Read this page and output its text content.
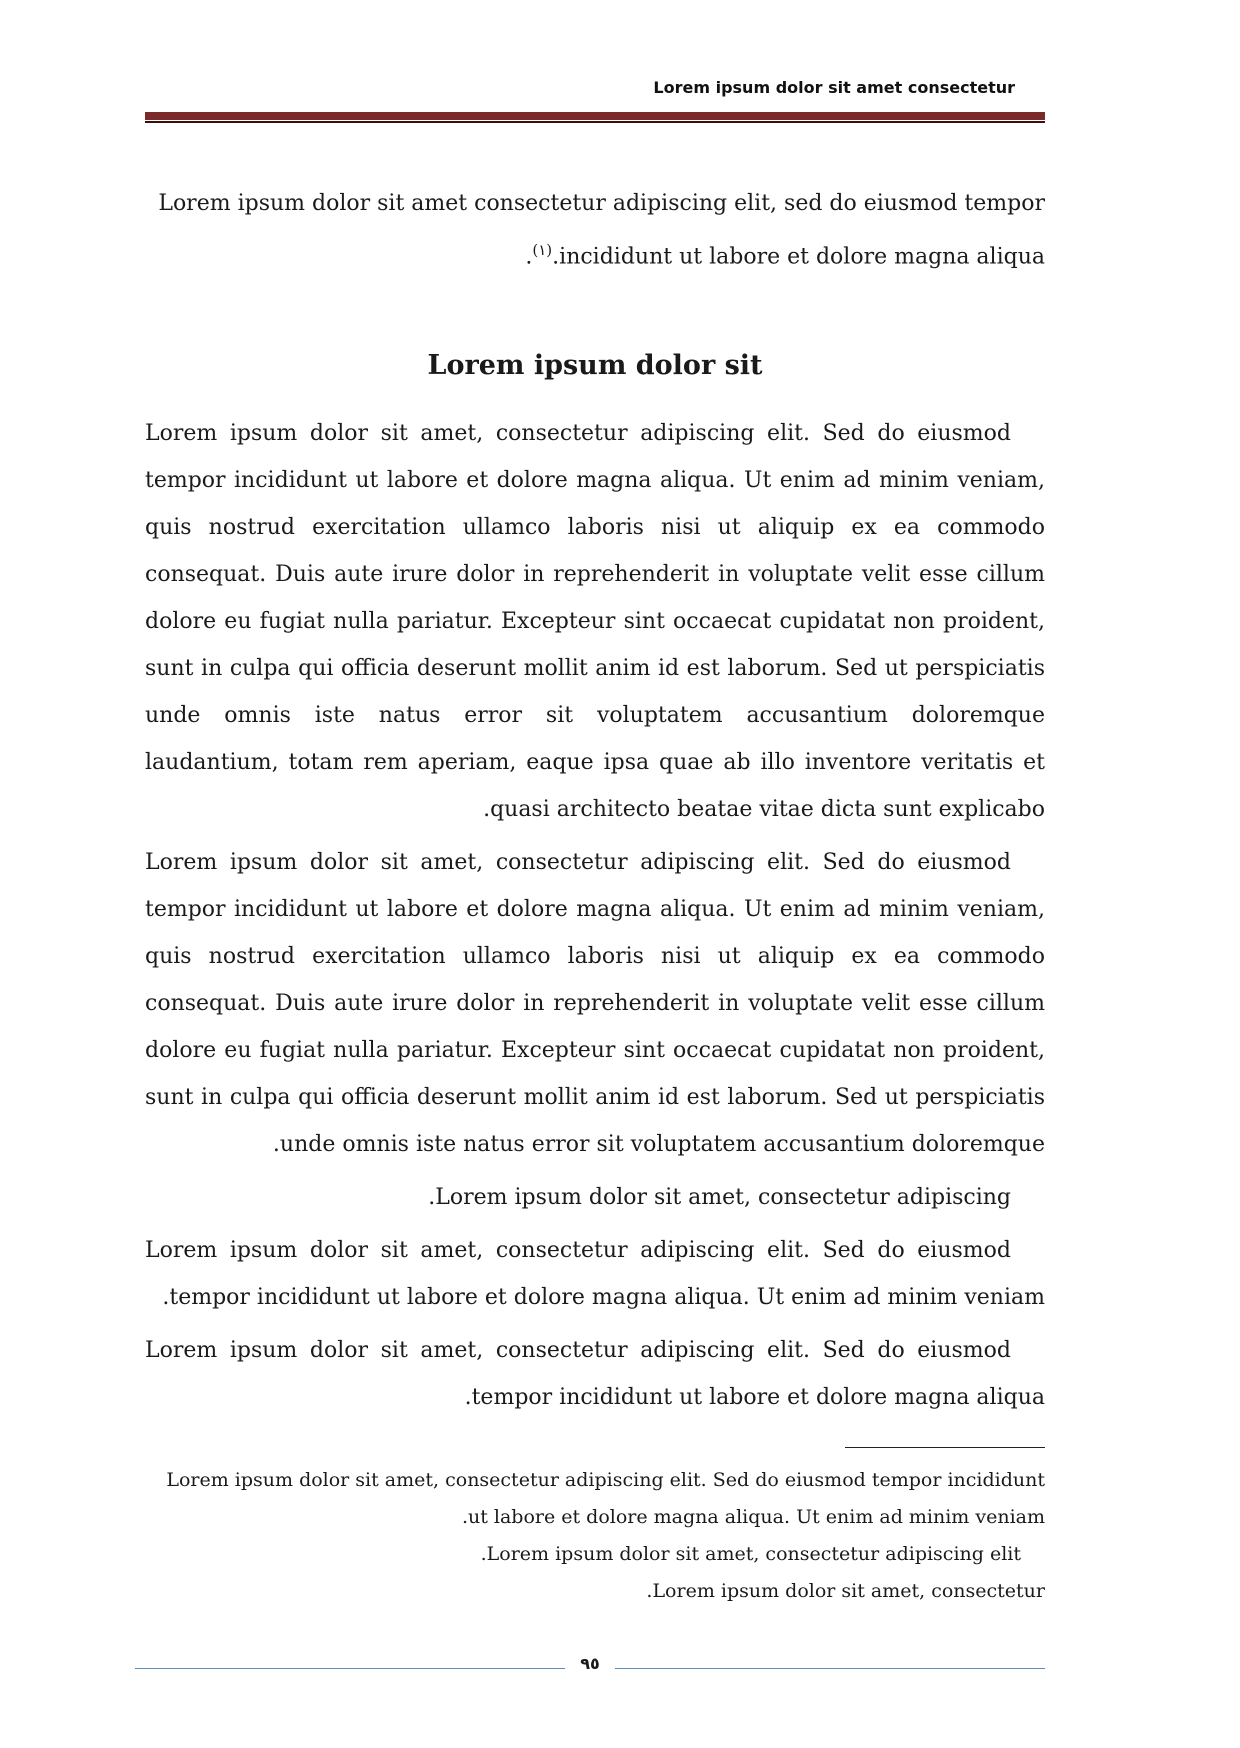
Lorem ipsum dolor sit amet consectetur
Lorem ipsum dolor sit amet consectetur adipiscing elit, sed do eiusmod tempor incididunt ut labore et dolore magna aliqua.$^{(١)}$.
Lorem ipsum dolor sit

Lorem ipsum dolor sit amet, consectetur adipiscing elit. Sed do eiusmod tempor incididunt ut labore et dolore magna aliqua. Ut enim ad minim veniam, quis nostrud exercitation ullamco laboris nisi ut aliquip ex ea commodo consequat. Duis aute irure dolor in reprehenderit in voluptate velit esse cillum dolore eu fugiat nulla pariatur. Excepteur sint occaecat cupidatat non proident, sunt in culpa qui officia deserunt mollit anim id est laborum. Sed ut perspiciatis unde omnis iste natus error sit voluptatem accusantium doloremque laudantium, totam rem aperiam, eaque ipsa quae ab illo inventore veritatis et quasi architecto beatae vitae dicta sunt explicabo.

Lorem ipsum dolor sit amet, consectetur adipiscing elit. Sed do eiusmod tempor incididunt ut labore et dolore magna aliqua. Ut enim ad minim veniam, quis nostrud exercitation ullamco laboris nisi ut aliquip ex ea commodo consequat. Duis aute irure dolor in reprehenderit in voluptate velit esse cillum dolore eu fugiat nulla pariatur. Excepteur sint occaecat cupidatat non proident, sunt in culpa qui officia deserunt mollit anim id est laborum. Sed ut perspiciatis unde omnis iste natus error sit voluptatem accusantium doloremque.

Lorem ipsum dolor sit amet, consectetur adipiscing.

Lorem ipsum dolor sit amet, consectetur adipiscing elit. Sed do eiusmod tempor incididunt ut labore et dolore magna aliqua. Ut enim ad minim veniam.

Lorem ipsum dolor sit amet, consectetur adipiscing elit. Sed do eiusmod tempor incididunt ut labore et dolore magna aliqua.

Lorem ipsum dolor sit amet, consectetur adipiscing elit. Sed do eiusmod tempor incididunt ut labore et dolore magna aliqua. Ut enim ad minim veniam.
Lorem ipsum dolor sit amet, consectetur adipiscing elit.
Lorem ipsum dolor sit amet, consectetur.
٩٥
